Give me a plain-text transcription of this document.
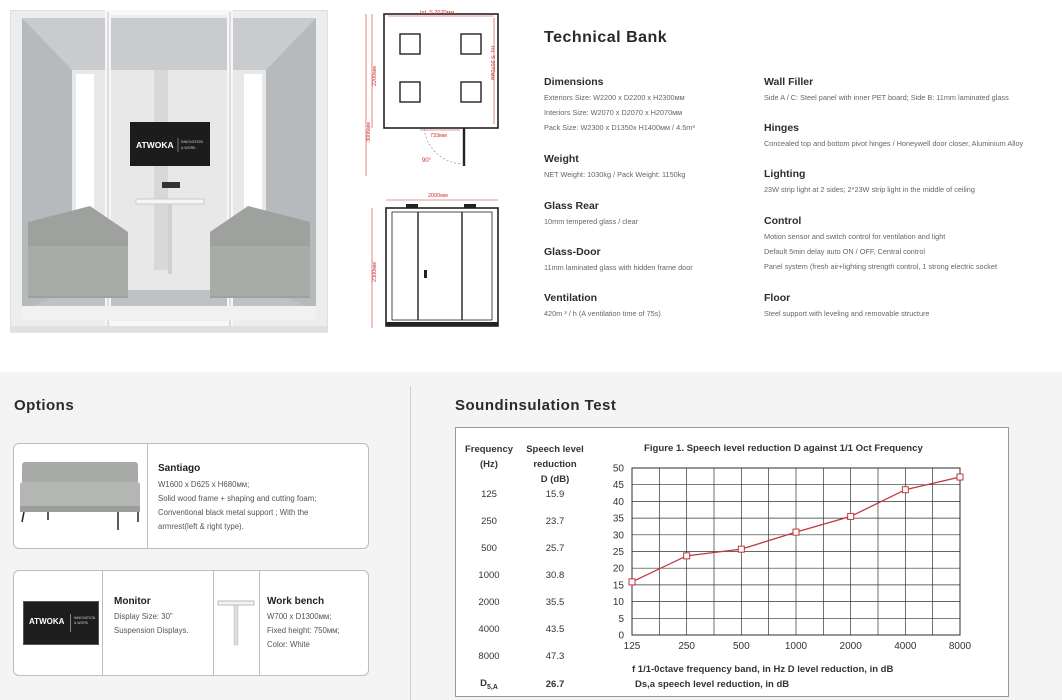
ATWOKA INNOVATION
& WORK
Int. S 2070мм
2200мм
3006мм
Int. S 2070мм
733мм
90°
2000мм
2300мм
Technical Bank
Dimensions
Exteriors Size: W2200 x D2200 x H2300мм
Interiors Size: W2070 x D2070 x H2070мм
Pack Size: W2300 x D1350x H1400мм / 4.5m³
Weight
NET Weight: 1030kg / Pack Weight: 1150kg
Glass Rear
10mm tempered glass / clear
Glass-Door
11mm laminated glass with hidden frame door
Ventilation
420m ³ / h (A ventilation time of 75s)
Wall Filler
Side A / C: Steel panel with inner PET board; Side B: 11mm laminated glass
Hinges
Concealed top and bottom pivot hinges / Honeywell door closer, Aluminium Alloy
Lighting
23W strip light at 2 sides; 2*23W strip light in the middle of ceiling
Control
Motion sensor and switch control for ventilation and light
Default 5min delay auto ON / OFF, Central control
Panel system (fresh air+lighting strength control, 1 strong electric socket
Floor
Steel support with leveling and removable structure
Options
Santiago
W1600 x D625 x H680мм;
Solid wood frame + shaping and cutting foam;
Conventional black metal support ; With the
armrest(left & right type).
ATWOKA	INNOVATION
& WORK
Monitor
Display Size: 30"
Suspension Displays.
Work bench
W700 x D1300мм;
Fixed height: 750мм;
Color: White
Soundinsulation Test
Frequency
(Hz)
Speech level
reduction
D (dB)
125	15.9
250	23.7
500	25.7
1000	30.8
2000	35.5
4000	43.5
8000	47.3
$D_{5,A}$	26.7
Figure 1. Speech level reduction D against 1/1 Oct Frequency
0
5
10
15
20
25
30
35
40
45
50
125	250	500	1000	2000	4000	8000
f 1/1-0ctave frequency band, in Hz D level reduction, in dB
Ds,a speech level reduction, in dB
